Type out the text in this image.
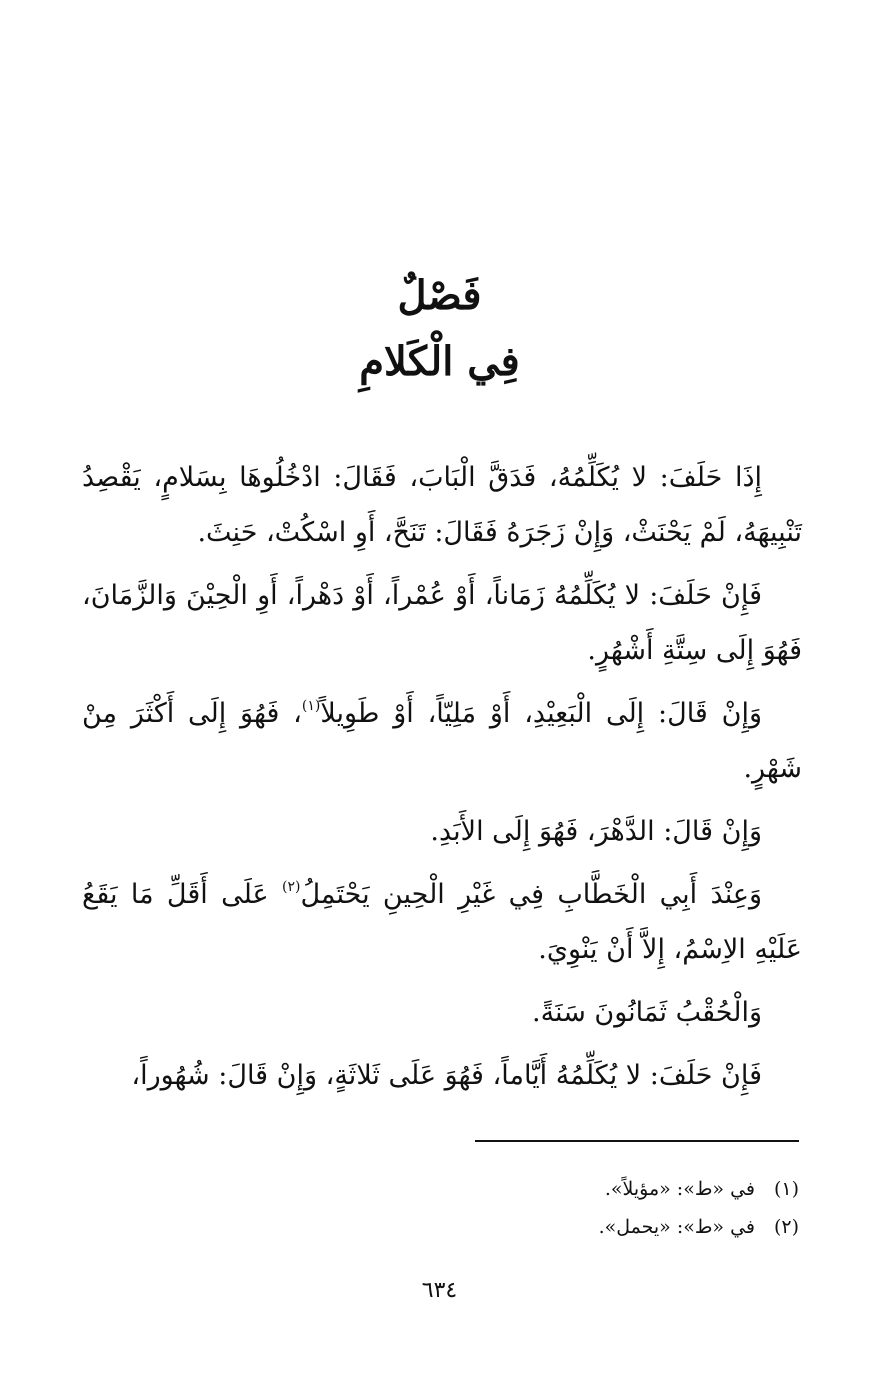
فَصْلٌ
فِي الْكَلامِ

إِذَا حَلَفَ: لا يُكَلِّمُهُ، فَدَقَّ الْبَابَ، فَقَالَ: ادْخُلُوهَا بِسَلامٍ، يَقْصِدُ تَنْبِيهَهُ، لَمْ يَحْنَثْ، وَإِنْ زَجَرَهُ فَقَالَ: تَنَحَّ، أَوِ اسْكُتْ، حَنِثَ.

فَإِنْ حَلَفَ: لا يُكَلِّمُهُ زَمَاناً، أَوْ عُمْراً، أَوْ دَهْراً، أَوِ الْحِيْنَ وَالزَّمَانَ، فَهُوَ إِلَى سِتَّةِ أَشْهُرٍ.

وَإِنْ قَالَ: إِلَى الْبَعِيْدِ، أَوْ مَلِيّاً، أَوْ طَوِيلاً$^{(١)}$، فَهُوَ إِلَى أَكْثَرَ مِنْ شَهْرٍ.

وَإِنْ قَالَ: الدَّهْرَ، فَهُوَ إِلَى الأَبَدِ.

وَعِنْدَ أَبِي الْخَطَّابِ فِي غَيْرِ الْحِينِ يَحْتَمِلُ$^{(٢)}$ عَلَى أَقَلِّ مَا يَقَعُ عَلَيْهِ الاِسْمُ، إِلاَّ أَنْ يَنْوِيَ.

وَالْحُقْبُ ثَمَانُونَ سَنَةً.

فَإِنْ حَلَفَ: لا يُكَلِّمُهُ أَيَّاماً، فَهُوَ عَلَى ثَلاثَةٍ، وَإِنْ قَالَ: شُهُوراً،

(١)في «ط»: «مؤيلاً».

(٢)في «ط»: «يحمل».

٦٣٤
